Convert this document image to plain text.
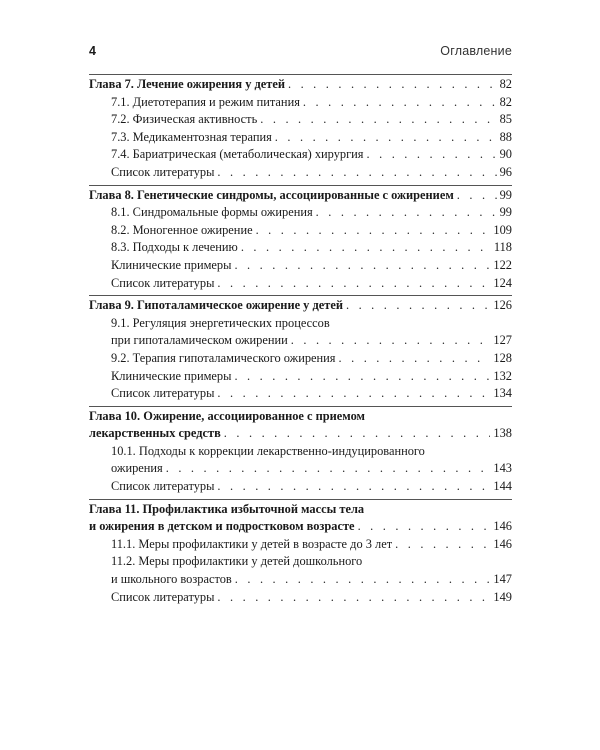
4	Оглавление
Глава 7. Лечение ожирения у детей . . .	82
7.1. Диетотерапия и режим питания . . .	82
7.2. Физическая активность . . .	85
7.3. Медикаментозная терапия . . .	88
7.4. Бариатрическая (метаболическая) хирургия . . .	90
Список литературы . . .	96
Глава 8. Генетические синдромы, ассоциированные с ожирением . . .	99
8.1. Синдромальные формы ожирения . . .	99
8.2. Моногенное ожирение . . .	109
8.3. Подходы к лечению . . .	118
Клинические примеры . . .	122
Список литературы . . .	124
Глава 9. Гипоталамическое ожирение у детей . . .	126
9.1. Регуляция энергетических процессов
при гипоталамическом ожирении . . .	127
9.2. Терапия гипоталамического ожирения . . .	128
Клинические примеры . . .	132
Список литературы . . .	134
Глава 10. Ожирение, ассоциированное с приемом
лекарственных средств . . .	138
10.1. Подходы к коррекции лекарственно-индуцированного
ожирения . . .	143
Список литературы . . .	144
Глава 11. Профилактика избыточной массы тела
и ожирения в детском и подростковом возрасте . . .	146
11.1. Меры профилактики у детей в возрасте до 3 лет . . .	146
11.2. Меры профилактики у детей дошкольного
и школьного возрастов . . .	147
Список литературы . . .	149
